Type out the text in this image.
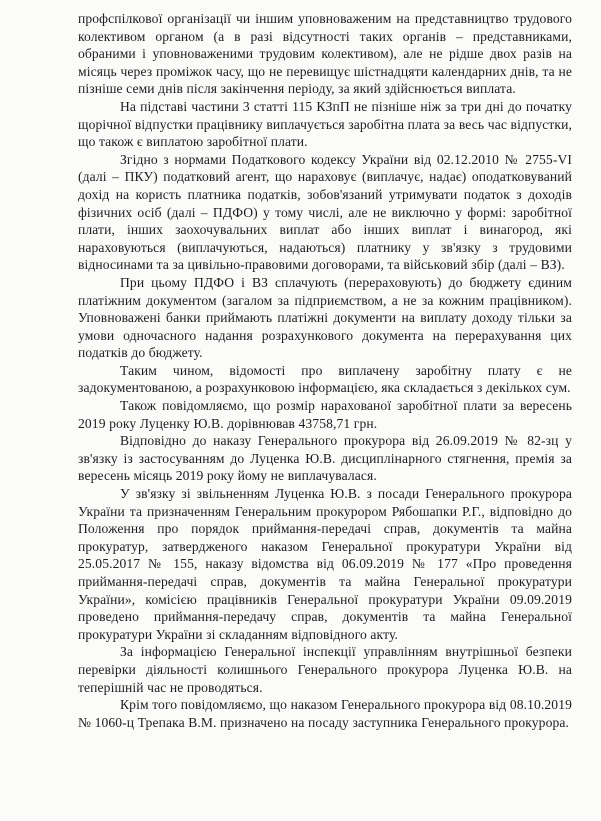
профспілкової організації чи іншим уповноваженим на представництво трудового колективом органом (а в разі відсутності таких органів – представниками, обраними і уповноваженими трудовим колективом), але не рідше двох разів на місяць через проміжок часу, що не перевищує шістнадцяти календарних днів, та не пізніше семи днів після закінчення періоду, за який здійснюється виплата.

На підставі частини 3 статті 115 КЗпП не пізніше ніж за три дні до початку щорічної відпустки працівнику виплачується заробітна плата за весь час відпустки, що також є виплатою заробітної плати.

Згідно з нормами Податкового кодексу України від 02.12.2010 № 2755-VI (далі – ПКУ) податковий агент, що нараховує (виплачує, надає) оподатковуваний дохід на користь платника податків, зобов'язаний утримувати податок з доходів фізичних осіб (далі – ПДФО) у тому числі, але не виключно у формі: заробітної плати, інших заохочувальних виплат або інших виплат і винагород, які нараховуються (виплачуються, надаються) платнику у зв'язку з трудовими відносинами та за цивільно-правовими договорами, та військовий збір (далі – ВЗ).

При цьому ПДФО і ВЗ сплачують (перераховують) до бюджету єдиним платіжним документом (загалом за підприємством, а не за кожним працівником). Уповноважені банки приймають платіжні документи на виплату доходу тільки за умови одночасного надання розрахункового документа на перерахування цих податків до бюджету.

Таким чином, відомості про виплачену заробітну плату є не задокументованою, а розрахунковою інформацією, яка складається з декількох сум.

Також повідомляємо, що розмір нарахованої заробітної плати за вересень 2019 року Луценку Ю.В. дорівнював 43758,71 грн.

Відповідно до наказу Генерального прокурора від 26.09.2019 № 82-зц у зв'язку із застосуванням до Луценка Ю.В. дисциплінарного стягнення, премія за вересень місяць 2019 року йому не виплачувалася.

У зв'язку зі звільненням Луценка Ю.В. з посади Генерального прокурора України та призначенням Генеральним прокурором Рябошапки Р.Г., відповідно до Положення про порядок приймання-передачі справ, документів та майна прокуратур, затвердженого наказом Генеральної прокуратури України від 25.05.2017 № 155, наказу відомства від 06.09.2019 № 177 «Про проведення приймання-передачі справ, документів та майна Генеральної прокуратури України», комісією працівників Генеральної прокуратури України 09.09.2019 проведено приймання-передачу справ, документів та майна Генеральної прокуратури України зі складанням відповідного акту.

За інформацією Генеральної інспекції управлінням внутрішньої безпеки перевірки діяльності колишнього Генерального прокурора Луценка Ю.В. на теперішній час не проводяться.

Крім того повідомляємо, що наказом Генерального прокурора від 08.10.2019 № 1060-ц Трепака В.М. призначено на посаду заступника Генерального прокурора.
